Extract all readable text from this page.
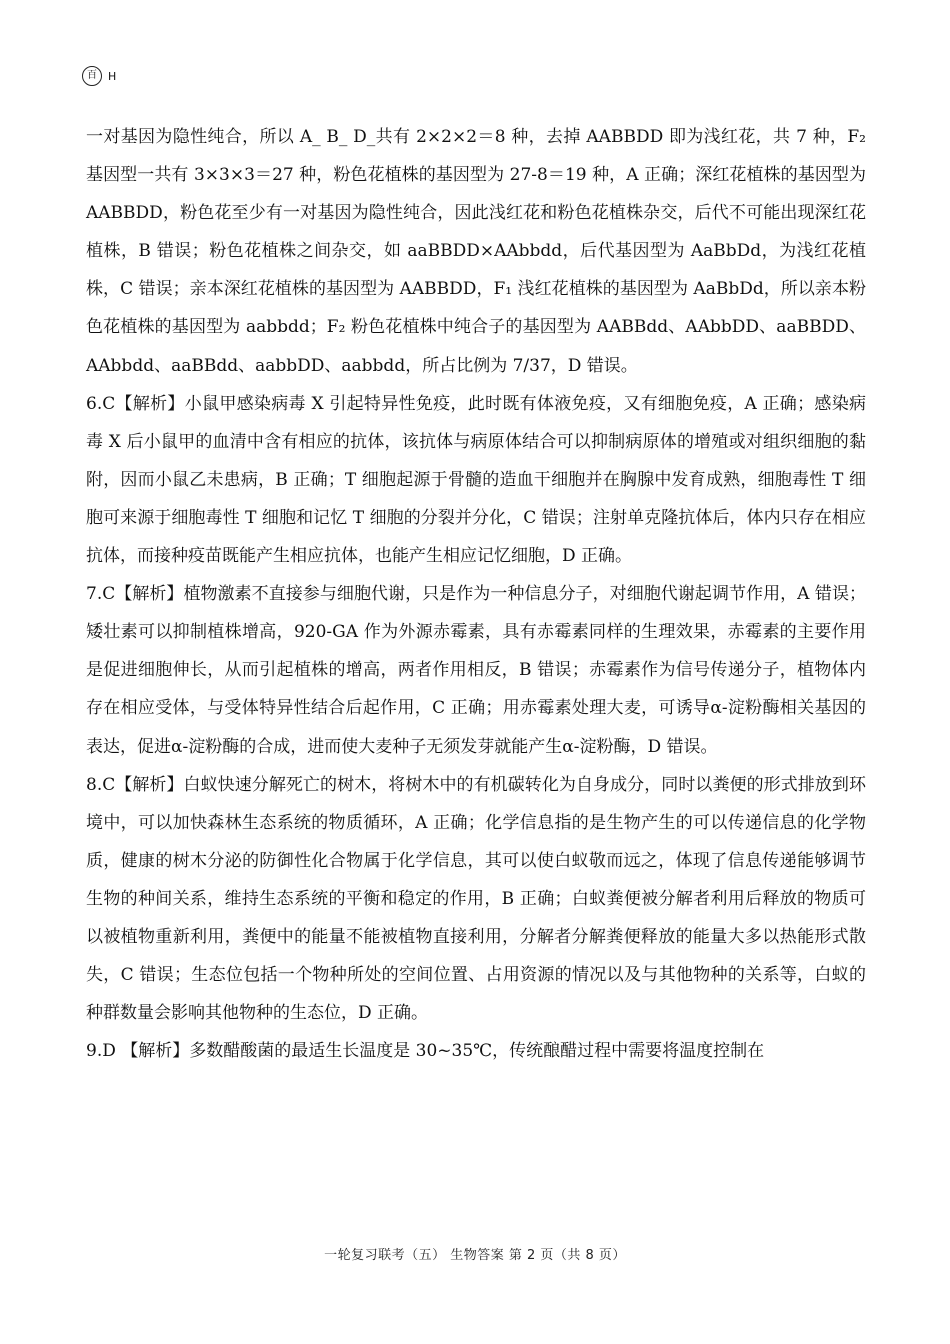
百	H

一对基因为隐性纯合，所以 A_ B_ D_共有 2×2×2＝8 种，去掉 AABBDD 即为浅红花，共 7 种，F₂基因型一共有 3×3×3＝27 种，粉色花植株的基因型为 27-8＝19 种，A 正确；深红花植株的基因型为 AABBDD，粉色花至少有一对基因为隐性纯合，因此浅红花和粉色花植株杂交，后代不可能出现深红花植株，B 错误；粉色花植株之间杂交，如 aaBBDD×AAbbdd，后代基因型为 AaBbDd，为浅红花植株，C 错误；亲本深红花植株的基因型为 AABBDD，F₁ 浅红花植株的基因型为 AaBbDd，所以亲本粉色花植株的基因型为 aabbdd；F₂ 粉色花植株中纯合子的基因型为 AABBdd、AAbbDD、aaBBDD、AAbbdd、aaBBdd、aabbDD、aabbdd，所占比例为 7/37，D 错误。

6.C【解析】小鼠甲感染病毒 X 引起特异性免疫，此时既有体液免疫，又有细胞免疫，A 正确；感染病毒 X 后小鼠甲的血清中含有相应的抗体，该抗体与病原体结合可以抑制病原体的增殖或对组织细胞的黏附，因而小鼠乙未患病，B 正确；T 细胞起源于骨髓的造血干细胞并在胸腺中发育成熟，细胞毒性 T 细胞可来源于细胞毒性 T 细胞和记忆 T 细胞的分裂并分化，C 错误；注射单克隆抗体后，体内只存在相应抗体，而接种疫苗既能产生相应抗体，也能产生相应记忆细胞，D 正确。

7.C【解析】植物激素不直接参与细胞代谢，只是作为一种信息分子，对细胞代谢起调节作用，A 错误；矮壮素可以抑制植株增高，920-GA 作为外源赤霉素，具有赤霉素同样的生理效果，赤霉素的主要作用是促进细胞伸长，从而引起植株的增高，两者作用相反，B 错误；赤霉素作为信号传递分子，植物体内存在相应受体，与受体特异性结合后起作用，C 正确；用赤霉素处理大麦，可诱导α-淀粉酶相关基因的表达，促进α-淀粉酶的合成，进而使大麦种子无须发芽就能产生α-淀粉酶，D 错误。

8.C【解析】白蚁快速分解死亡的树木，将树木中的有机碳转化为自身成分，同时以粪便的形式排放到环境中，可以加快森林生态系统的物质循环，A 正确；化学信息指的是生物产生的可以传递信息的化学物质，健康的树木分泌的防御性化合物属于化学信息，其可以使白蚁敬而远之，体现了信息传递能够调节生物的种间关系，维持生态系统的平衡和稳定的作用，B 正确；白蚁粪便被分解者利用后释放的物质可以被植物重新利用，粪便中的能量不能被植物直接利用，分解者分解粪便释放的能量大多以热能形式散失，C 错误；生态位包括一个物种所处的空间位置、占用资源的情况以及与其他物种的关系等，白蚁的种群数量会影响其他物种的生态位，D 正确。

9.D 【解析】多数醋酸菌的最适生长温度是 30~35℃，传统酿醋过程中需要将温度控制在

一轮复习联考（五） 生物答案 第 2 页（共 8 页）
